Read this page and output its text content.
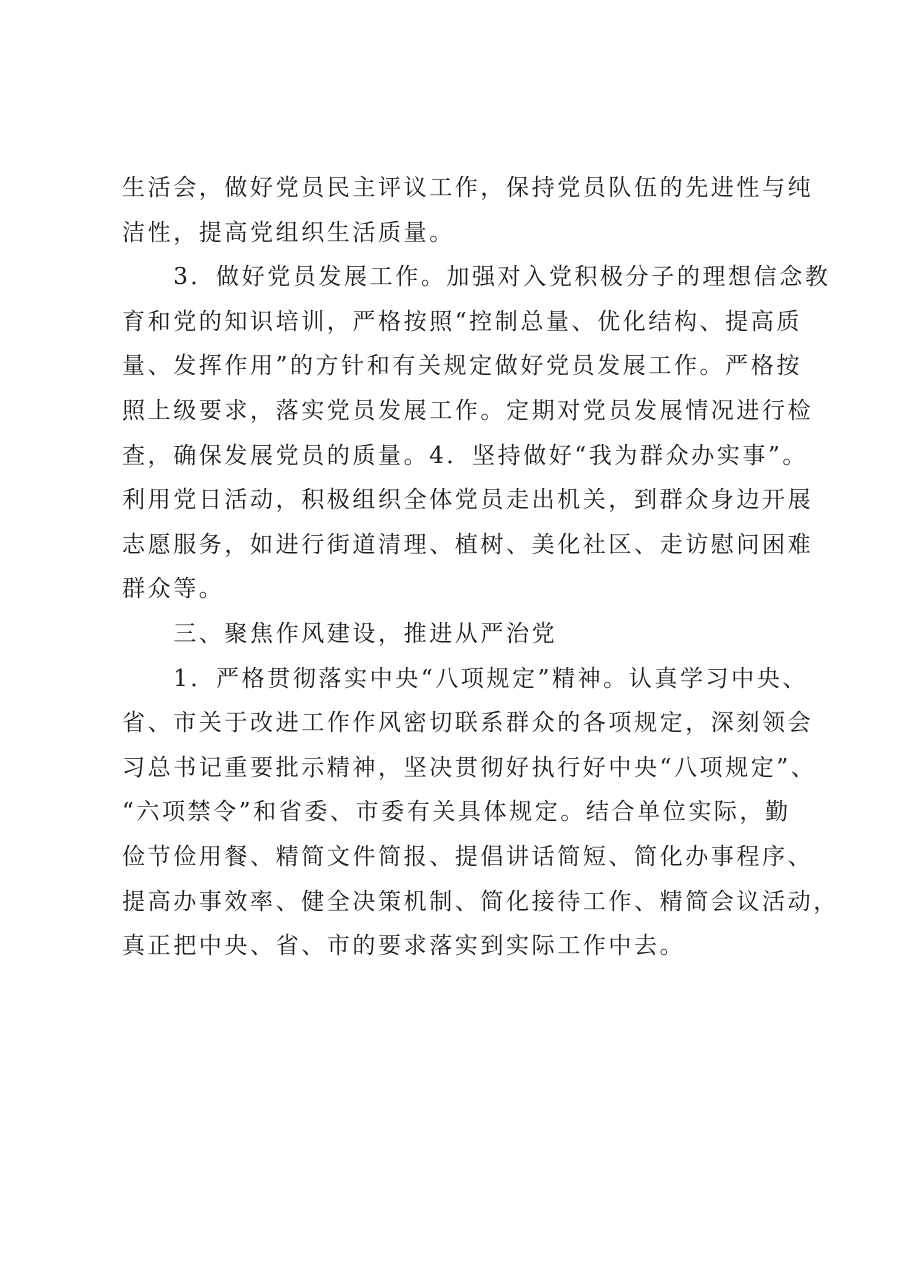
生活会，做好党员民主评议工作，保持党员队伍的先进性与纯
洁性，提高党组织生活质量。
　　3．做好党员发展工作。加强对入党积极分子的理想信念教
育和党的知识培训，严格按照“控制总量、优化结构、提高质
量、发挥作用”的方针和有关规定做好党员发展工作。严格按
照上级要求，落实党员发展工作。定期对党员发展情况进行检
查，确保发展党员的质量。4．坚持做好“我为群众办实事”。
利用党日活动，积极组织全体党员走出机关，到群众身边开展
志愿服务，如进行街道清理、植树、美化社区、走访慰问困难
群众等。
　　三、聚焦作风建设，推进从严治党
　　1．严格贯彻落实中央“八项规定”精神。认真学习中央、
省、市关于改进工作作风密切联系群众的各项规定，深刻领会
习总书记重要批示精神，坚决贯彻好执行好中央“八项规定”、
“六项禁令”和省委、市委有关具体规定。结合单位实际，勤
俭节俭用餐、精简文件简报、提倡讲话简短、简化办事程序、
提高办事效率、健全决策机制、简化接待工作、精简会议活动，
真正把中央、省、市的要求落实到实际工作中去。
